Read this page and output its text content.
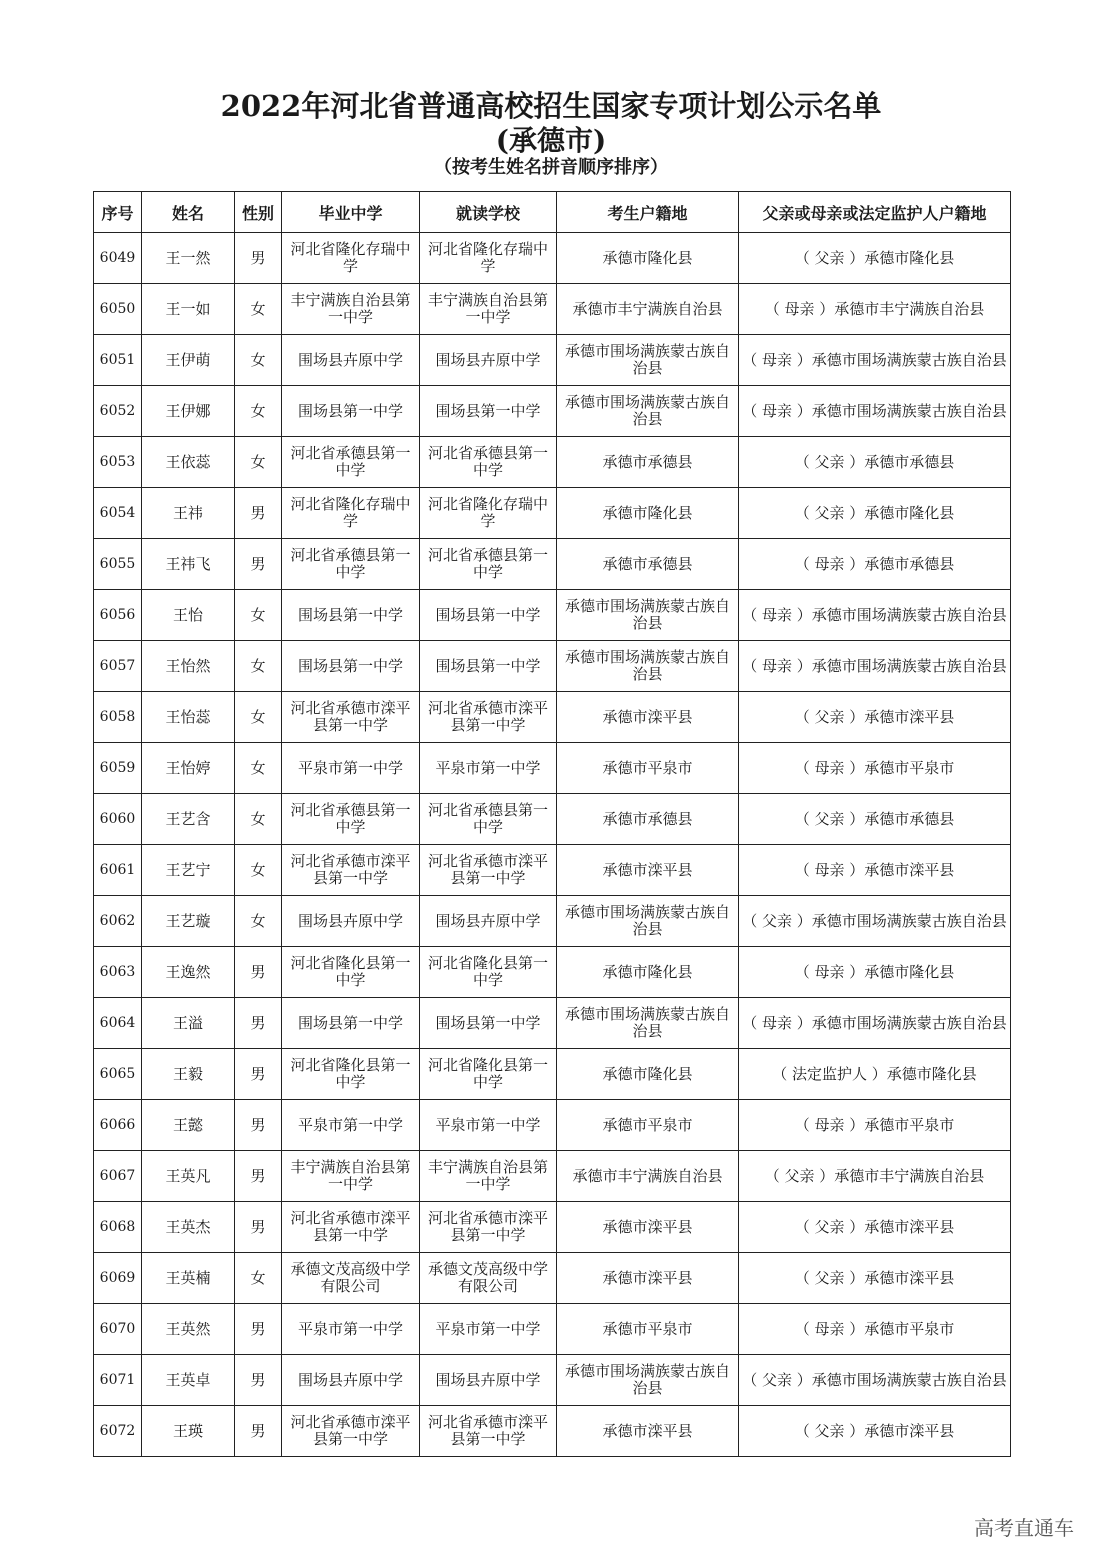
2022年河北省普通高校招生国家专项计划公示名单
(承德市)
（按考生姓名拼音顺序排序）
序号	姓名	性别	毕业中学	就读学校	考生户籍地	父亲或母亲或法定监护人户籍地
6049	王一然	男	河北省隆化存瑞中学	河北省隆化存瑞中学	承德市隆化县	（ 父亲 ）承德市隆化县
6050	王一如	女	丰宁满族自治县第一中学	丰宁满族自治县第一中学	承德市丰宁满族自治县	（ 母亲 ）承德市丰宁满族自治县
6051	王伊萌	女	围场县卉原中学	围场县卉原中学	承德市围场满族蒙古族自治县	（ 母亲 ）承德市围场满族蒙古族自治县
6052	王伊娜	女	围场县第一中学	围场县第一中学	承德市围场满族蒙古族自治县	（ 母亲 ）承德市围场满族蒙古族自治县
6053	王依蕊	女	河北省承德县第一中学	河北省承德县第一中学	承德市承德县	（ 父亲 ）承德市承德县
6054	王祎	男	河北省隆化存瑞中学	河北省隆化存瑞中学	承德市隆化县	（ 父亲 ）承德市隆化县
6055	王祎飞	男	河北省承德县第一中学	河北省承德县第一中学	承德市承德县	（ 母亲 ）承德市承德县
6056	王怡	女	围场县第一中学	围场县第一中学	承德市围场满族蒙古族自治县	（ 母亲 ）承德市围场满族蒙古族自治县
6057	王怡然	女	围场县第一中学	围场县第一中学	承德市围场满族蒙古族自治县	（ 母亲 ）承德市围场满族蒙古族自治县
6058	王怡蕊	女	河北省承德市滦平县第一中学	河北省承德市滦平县第一中学	承德市滦平县	（ 父亲 ）承德市滦平县
6059	王怡婷	女	平泉市第一中学	平泉市第一中学	承德市平泉市	（ 母亲 ）承德市平泉市
6060	王艺含	女	河北省承德县第一中学	河北省承德县第一中学	承德市承德县	（ 父亲 ）承德市承德县
6061	王艺宁	女	河北省承德市滦平县第一中学	河北省承德市滦平县第一中学	承德市滦平县	（ 母亲 ）承德市滦平县
6062	王艺璇	女	围场县卉原中学	围场县卉原中学	承德市围场满族蒙古族自治县	（ 父亲 ）承德市围场满族蒙古族自治县
6063	王逸然	男	河北省隆化县第一中学	河北省隆化县第一中学	承德市隆化县	（ 母亲 ）承德市隆化县
6064	王溢	男	围场县第一中学	围场县第一中学	承德市围场满族蒙古族自治县	（ 母亲 ）承德市围场满族蒙古族自治县
6065	王毅	男	河北省隆化县第一中学	河北省隆化县第一中学	承德市隆化县	（ 法定监护人 ）承德市隆化县
6066	王懿	男	平泉市第一中学	平泉市第一中学	承德市平泉市	（ 母亲 ）承德市平泉市
6067	王英凡	男	丰宁满族自治县第一中学	丰宁满族自治县第一中学	承德市丰宁满族自治县	（ 父亲 ）承德市丰宁满族自治县
6068	王英杰	男	河北省承德市滦平县第一中学	河北省承德市滦平县第一中学	承德市滦平县	（ 父亲 ）承德市滦平县
6069	王英楠	女	承德文茂高级中学有限公司	承德文茂高级中学有限公司	承德市滦平县	（ 父亲 ）承德市滦平县
6070	王英然	男	平泉市第一中学	平泉市第一中学	承德市平泉市	（ 母亲 ）承德市平泉市
6071	王英卓	男	围场县卉原中学	围场县卉原中学	承德市围场满族蒙古族自治县	（ 父亲 ）承德市围场满族蒙古族自治县
6072	王瑛	男	河北省承德市滦平县第一中学	河北省承德市滦平县第一中学	承德市滦平县	（ 父亲 ）承德市滦平县
高考直通车
